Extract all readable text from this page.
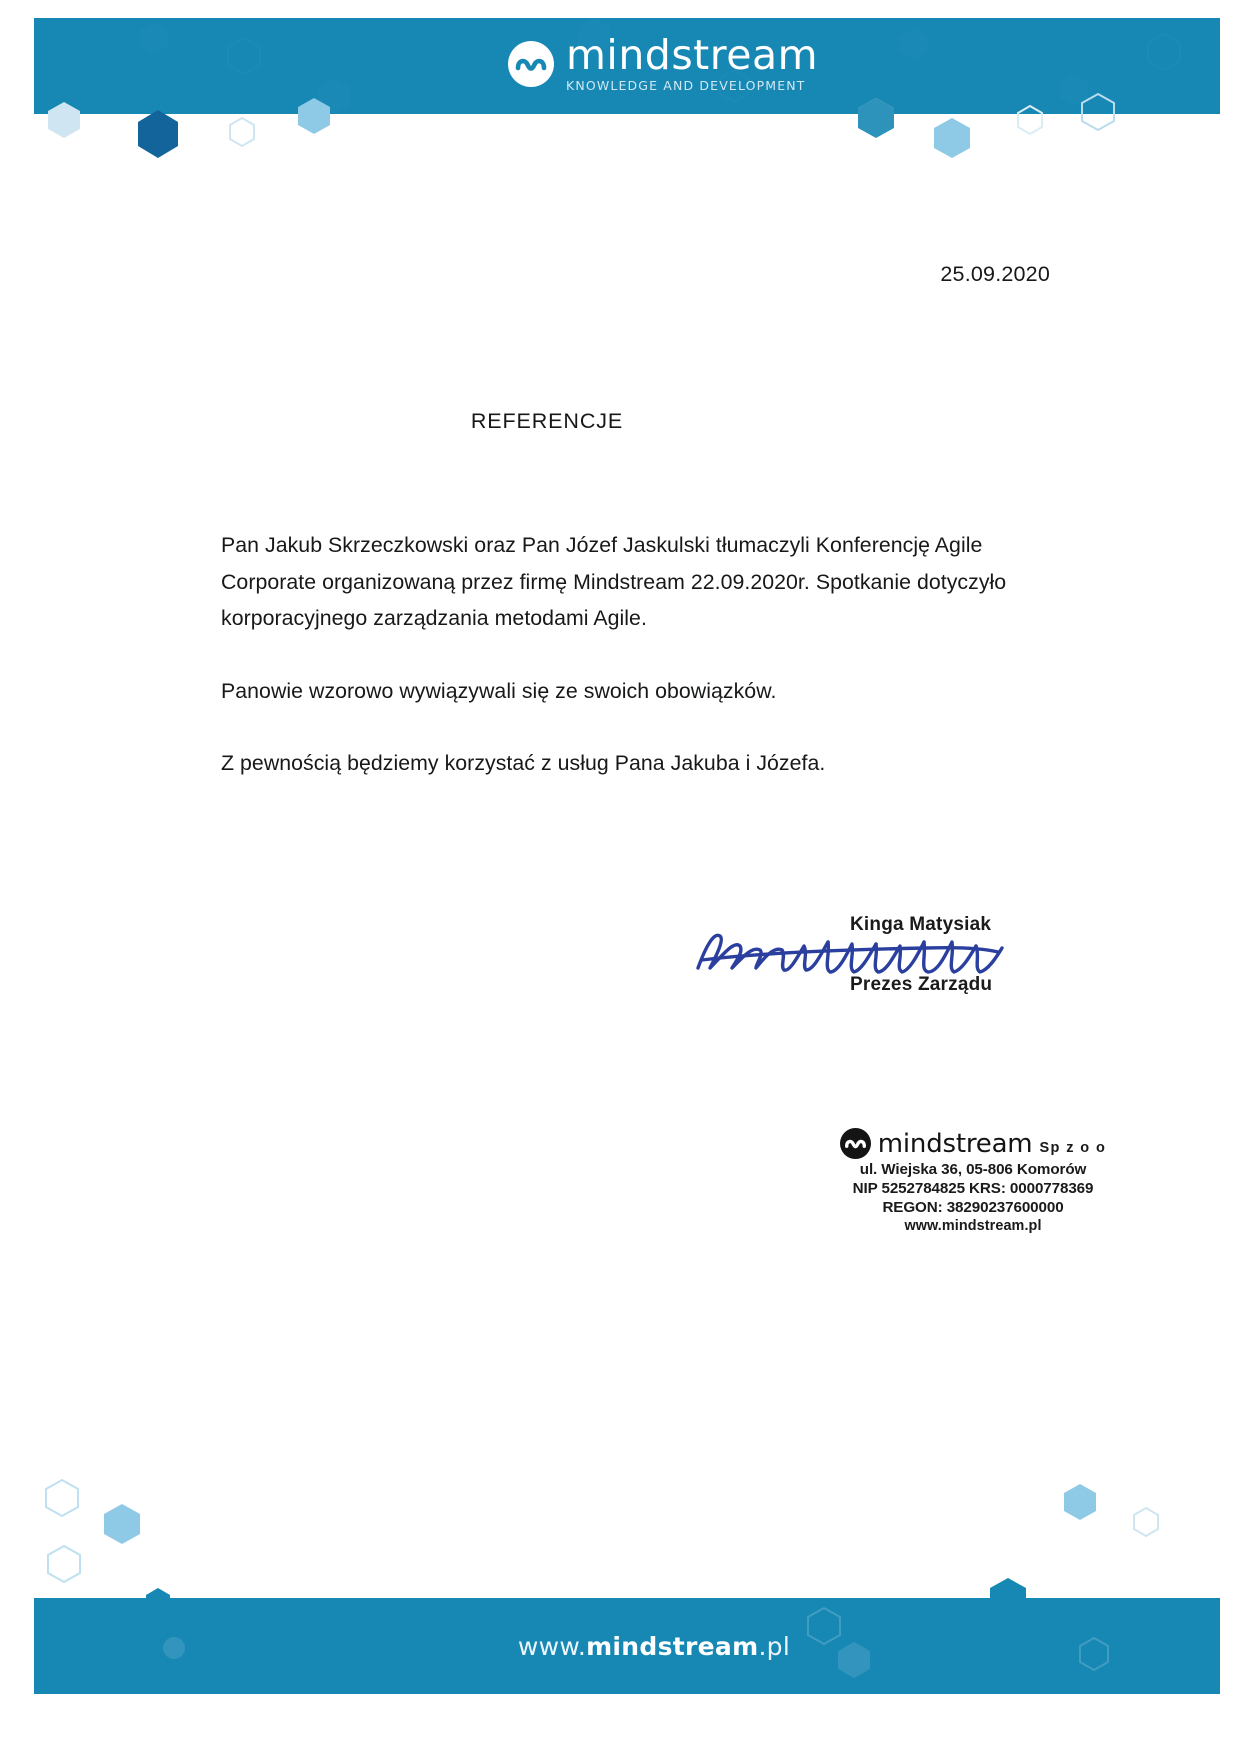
mindstream
KNOWLEDGE AND DEVELOPMENT
25.09.2020
REFERENCJE

Pan Jakub Skrzeczkowski oraz Pan Józef Jaskulski tłumaczyli Konferencję Agile Corporate organizowaną przez firmę Mindstream 22.09.2020r. Spotkanie dotyczyło korporacyjnego zarządzania metodami Agile.

Panowie wzorowo wywiązywali się ze swoich obowiązków.

Z pewnością będziemy korzystać z usług Pana Jakuba i Józefa.

Kinga Matysiak
Prezes Zarządu
mindstream Sp z o o
ul. Wiejska 36, 05-806 Komorów
NIP 5252784825 KRS: 0000778369
REGON: 38290237600000
www.mindstream.pl
www. mindstream .pl
